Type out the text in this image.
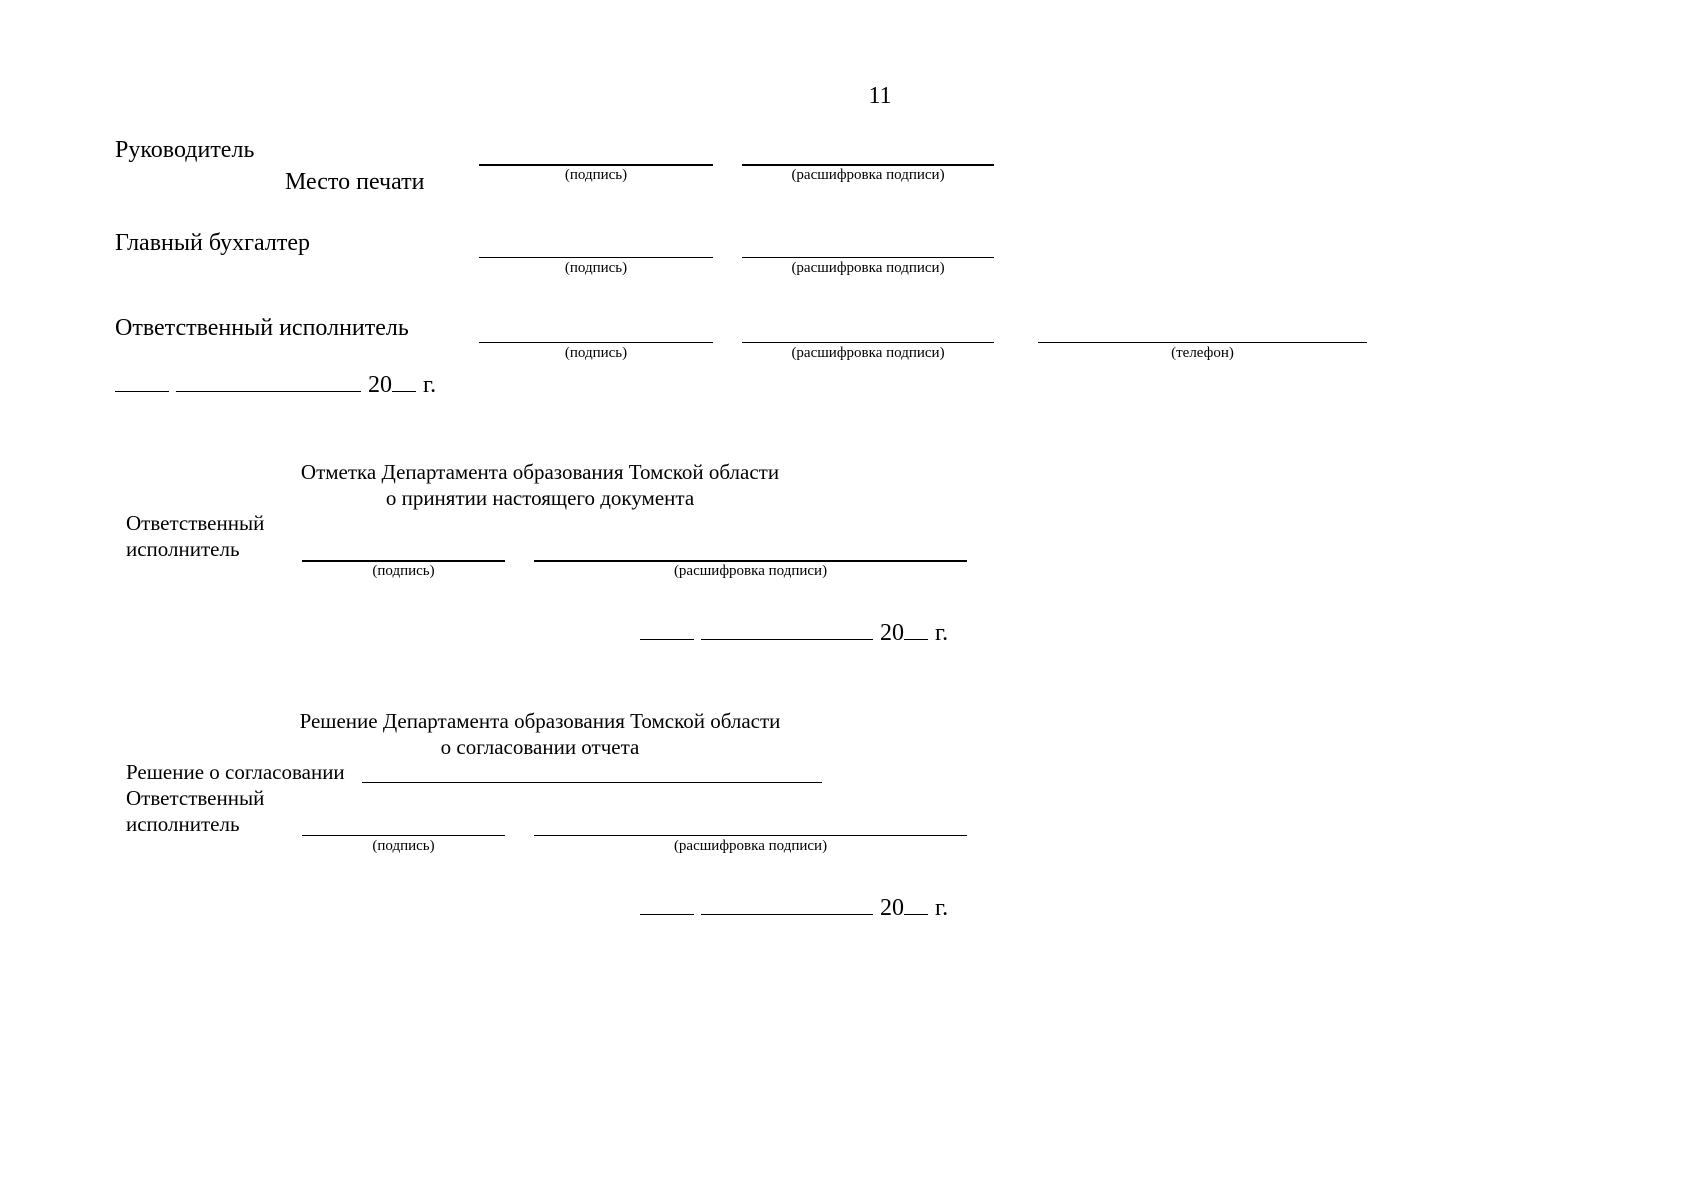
11
Руководитель
Место печати	(подпись)	(расшифровка подписи)
Главный бухгалтер
(подпись)	(расшифровка подписи)
Ответственный исполнитель
(подпись)	(расшифровка подписи)	(телефон)
20 г.
Отметка Департамента образования Томской области
о принятии настоящего документа
Ответственный
исполнитель
(подпись)	(расшифровка подписи)
20 г.
Решение Департамента образования Томской области
о согласовании отчета
Решение о согласовании
Ответственный
исполнитель
(подпись)	(расшифровка подписи)
20 г.
